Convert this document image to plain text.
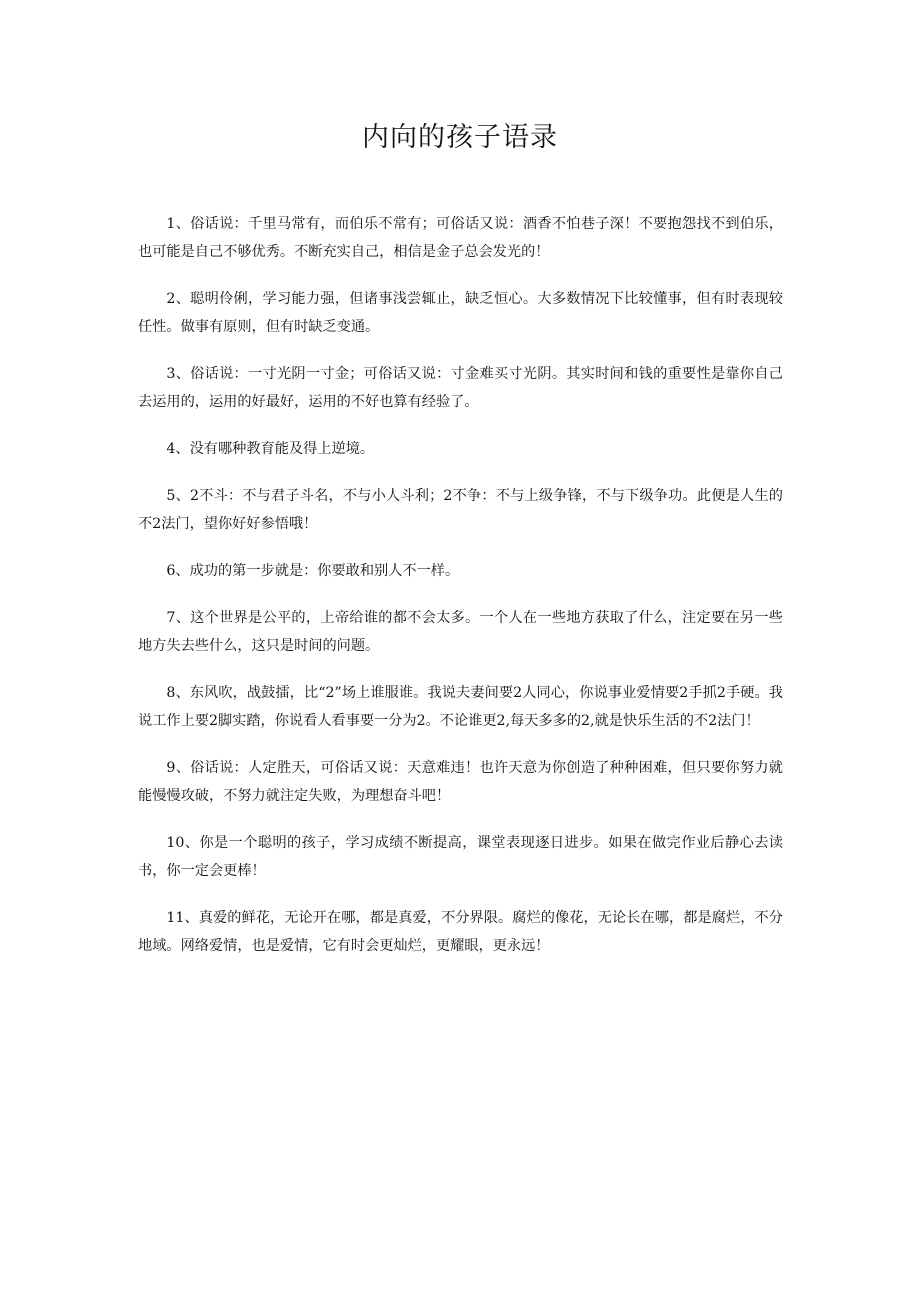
内向的孩子语录

1、俗话说：千里马常有，而伯乐不常有；可俗话又说：酒香不怕巷子深！不要抱怨找不到伯乐，也可能是自己不够优秀。不断充实自己，相信是金子总会发光的！

2、聪明伶俐，学习能力强，但诸事浅尝辄止，缺乏恒心。大多数情况下比较懂事，但有时表现较任性。做事有原则，但有时缺乏变通。

3、俗话说：一寸光阴一寸金；可俗话又说：寸金难买寸光阴。其实时间和钱的重要性是靠你自己去运用的，运用的好最好，运用的不好也算有经验了。

4、没有哪种教育能及得上逆境。

5、2不斗：不与君子斗名，不与小人斗利；2不争：不与上级争锋，不与下级争功。此便是人生的不2法门，望你好好参悟哦！

6、成功的第一步就是：你要敢和别人不一样。

7、这个世界是公平的，上帝给谁的都不会太多。一个人在一些地方获取了什么，注定要在另一些地方失去些什么，这只是时间的问题。

8、东风吹，战鼓擂，比“2”场上谁服谁。我说夫妻间要2人同心，你说事业爱情要2手抓2手硬。我说工作上要2脚实踏，你说看人看事要一分为2。不论谁更2,每天多多的2,就是快乐生活的不2法门！

9、俗话说：人定胜天，可俗话又说：天意难违！也许天意为你创造了种种困难，但只要你努力就能慢慢攻破，不努力就注定失败，为理想奋斗吧！

10、你是一个聪明的孩子，学习成绩不断提高，课堂表现逐日进步。如果在做完作业后静心去读书，你一定会更棒！

11、真爱的鲜花，无论开在哪，都是真爱，不分界限。腐烂的像花，无论长在哪，都是腐烂，不分地域。网络爱情，也是爱情，它有时会更灿烂，更耀眼，更永远！
